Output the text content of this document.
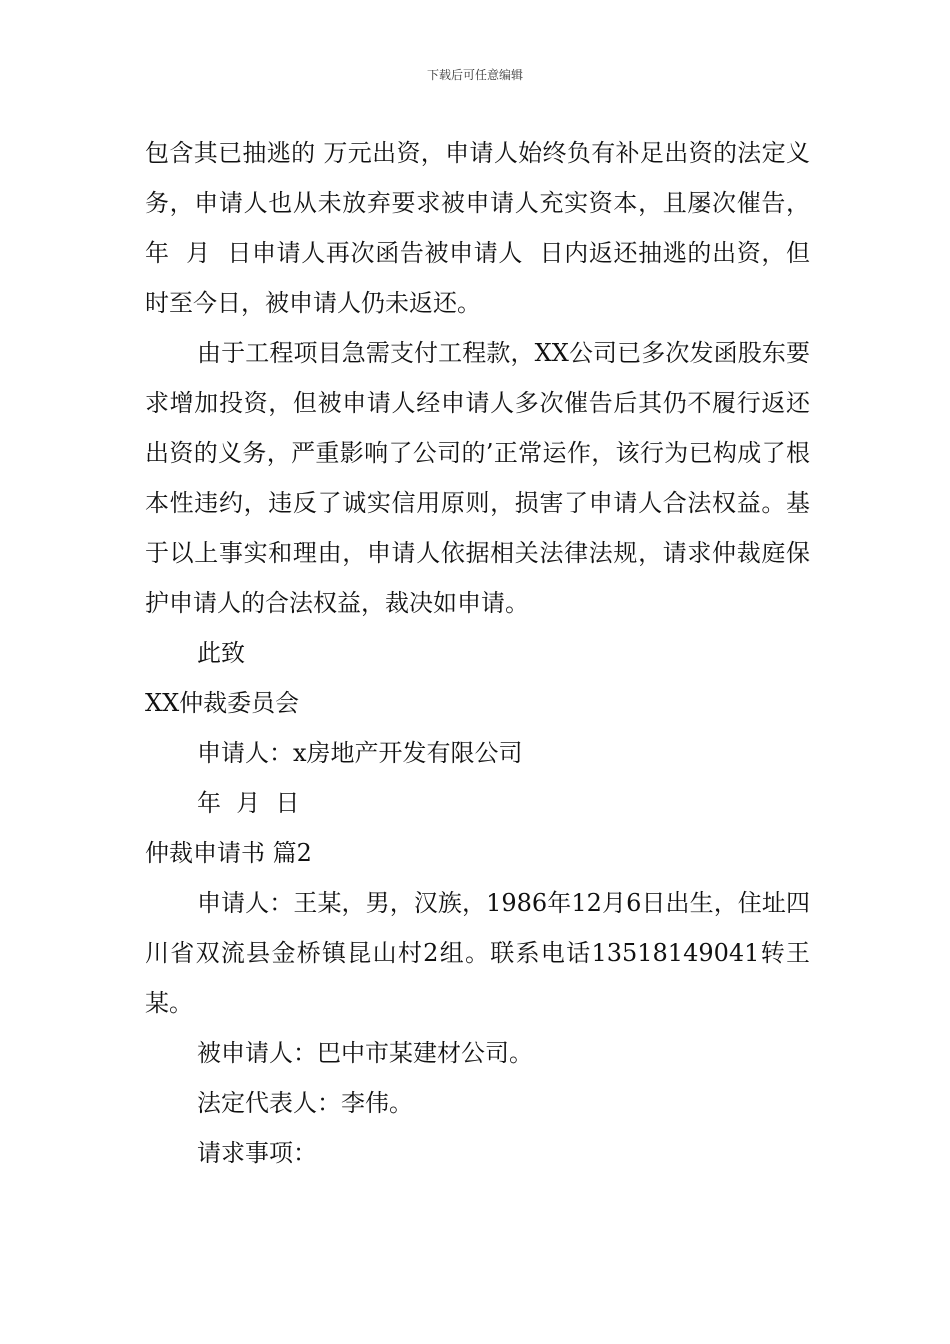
下载后可任意编辑

包含其已抽逃的 万元出资，申请人始终负有补足出资的法定义务，申请人也从未放弃要求被申请人充实资本，且屡次催告，  年  月  日申请人再次函告被申请人  日内返还抽逃的出资，但时至今日，被申请人仍未返还。

由于工程项目急需支付工程款，XX公司已多次发函股东要求增加投资，但被申请人经申请人多次催告后其仍不履行返还出资的义务，严重影响了公司的’正常运作，该行为已构成了根本性违约，违反了诚实信用原则，损害了申请人合法权益。基于以上事实和理由，申请人依据相关法律法规，请求仲裁庭保护申请人的合法权益，裁决如申请。

此致

XX仲裁委员会

申请人：x房地产开发有限公司

年  月  日

仲裁申请书 篇2

申请人：王某，男，汉族，1986年12月6日出生，住址四川省双流县金桥镇昆山村2组。联系电话13518149041转王某。

被申请人：巴中市某建材公司。

法定代表人：李伟。

请求事项：
